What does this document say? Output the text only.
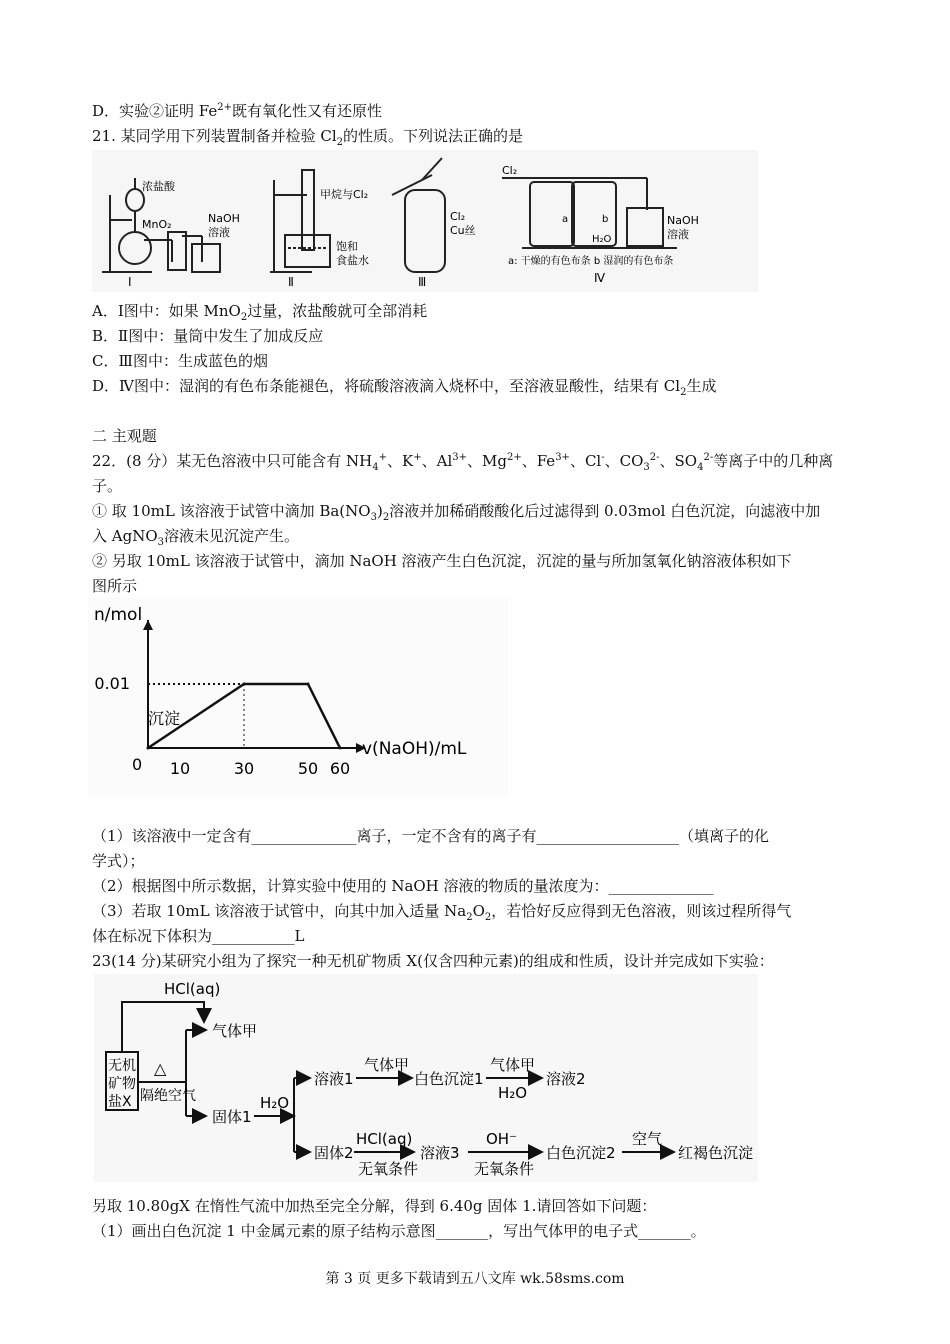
D．实验②证明 $Fe^{2+}$既有氧化性又有还原性
21. 某同学用下列装置制备并检验 $Cl_2$的性质。下列说法正确的是
浓盐酸
MnO₂	NaOH
溶液
Ⅰ
甲烷与Cl₂
饱和
食盐水
Ⅱ
Cl₂
Cu丝
Ⅲ
Cl₂
a	b
H₂O
NaOH
溶液
a: 干燥的有色布条 b 湿润的有色布条
Ⅳ
A．Ⅰ图中：如果 MnO$_2$过量，浓盐酸就可全部消耗
B．Ⅱ图中：量筒中发生了加成反应
C．Ⅲ图中：生成蓝色的烟
D．Ⅳ图中：湿润的有色布条能褪色，将硫酸溶液滴入烧杯中，至溶液显酸性，结果有 $Cl_2$生成
二 主观题
22．(8 分）某无色溶液中只可能含有 $NH_4^+$、K+、$Al^{3+}$、$Mg^{2+}$、$Fe^{3+}$、Cl-、$CO_3^{2-}$、$SO_4^{2-}$等离子中的几种离
子。
① 取 10mL 该溶液于试管中滴加 $Ba(NO_3)_2$溶液并加稀硝酸酸化后过滤得到 0.03mol 白色沉淀，向滤液中加
入 AgNO$_3$溶液未见沉淀产生。
② 另取 10mL 该溶液于试管中，滴加 NaOH 溶液产生白色沉淀，沉淀的量与所加氢氧化钠溶液体积如下
图所示
n/mol
v(NaOH)/mL
0
沉淀
10	30	50 60
0.01
（1）该溶液中一定含有______________离子，一定不含有的离子有___________________（填离子的化
学式）；
（2）根据图中所示数据，计算实验中使用的 NaOH 溶液的物质的量浓度为：______________
（3）若取 10mL 该溶液于试管中，向其中加入适量 $Na_2O_2$，若恰好反应得到无色溶液，则该过程所得气
体在标况下体积为___________L
23(14 分)某研究小组为了探究一种无机矿物质 X(仅含四种元素)的组成和性质，设计并完成如下实验：
HCl(aq)
无机
矿物
盐X
△
隔绝空气
气体甲
固体1
H₂O
溶液1
气体甲
白色沉淀1
气体甲
H₂O
溶液2
固体2
HCl(aq)
无氧条件
溶液3
OH⁻
无氧条件
白色沉淀2
空气
红褐色沉淀
另取 10.80gX 在惰性气流中加热至完全分解，得到 6.40g 固体 1.请回答如下问题：
（1）画出白色沉淀 1 中金属元素的原子结构示意图_______，写出气体甲的电子式_______。
第 3 页 更多下载请到五八文库 wk.58sms.com
